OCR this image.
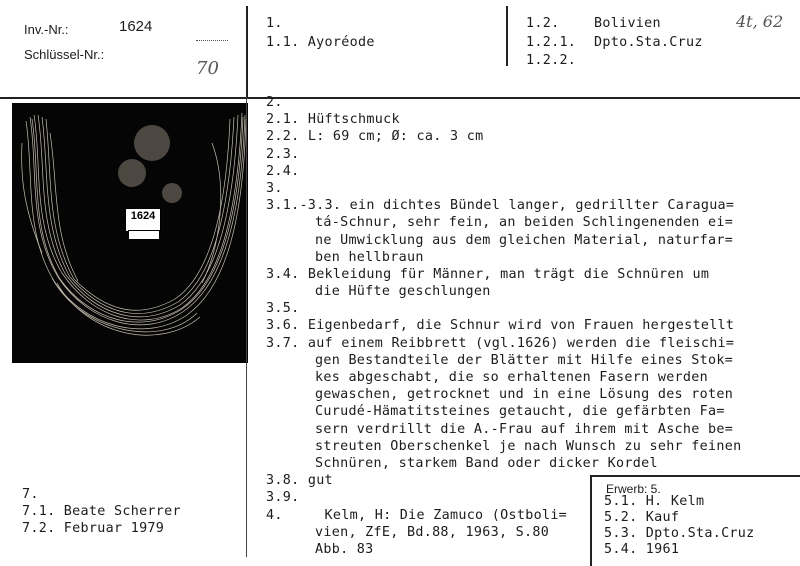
Inv.-Nr.:	1624
Schlüssel-Nr.:
70
1.
1.1. Ayoréode
1.2.	Bolivien
1.2.1. Dpto.Sta.Cruz
1.2.2.
4t, 62
1624
2.
2.1. Hüftschmuck
2.2. L: 69 cm; Ø: ca. 3 cm
2.3.
2.4.
3.
3.1.-3.3. ein dichtes Bündel langer, gedrillter Caragua=
tá-Schnur, sehr fein, an beiden Schlingenenden ei=
ne Umwicklung aus dem gleichen Material, naturfar=
ben hellbraun
3.4. Bekleidung für Männer, man trägt die Schnüren um
die Hüfte geschlungen
3.5.
3.6. Eigenbedarf, die Schnur wird von Frauen hergestellt
3.7. auf einem Reibbrett (vgl.1626) werden die fleischi=
gen Bestandteile der Blätter mit Hilfe eines Stok=
kes abgeschabt, die so erhaltenen Fasern werden
gewaschen, getrocknet und in eine Lösung des roten
Curudé-Hämatitsteines getaucht, die gefärbten Fa=
sern verdrillt die A.-Frau auf ihrem mit Asche be=
streuten Oberschenkel je nach Wunsch zu sehr feinen
Schnüren, starkem Band oder dicker Kordel
3.8. gut
3.9.
4.	Kelm, H: Die Zamuco (Ostboli=
vien, ZfE, Bd.88, 1963, S.80
Abb. 83
7.
7.1. Beate Scherrer
7.2. Februar 1979
Erwerb: 5.
5.1. H. Kelm
5.2. Kauf
5.3. Dpto.Sta.Cruz
5.4. 1961
